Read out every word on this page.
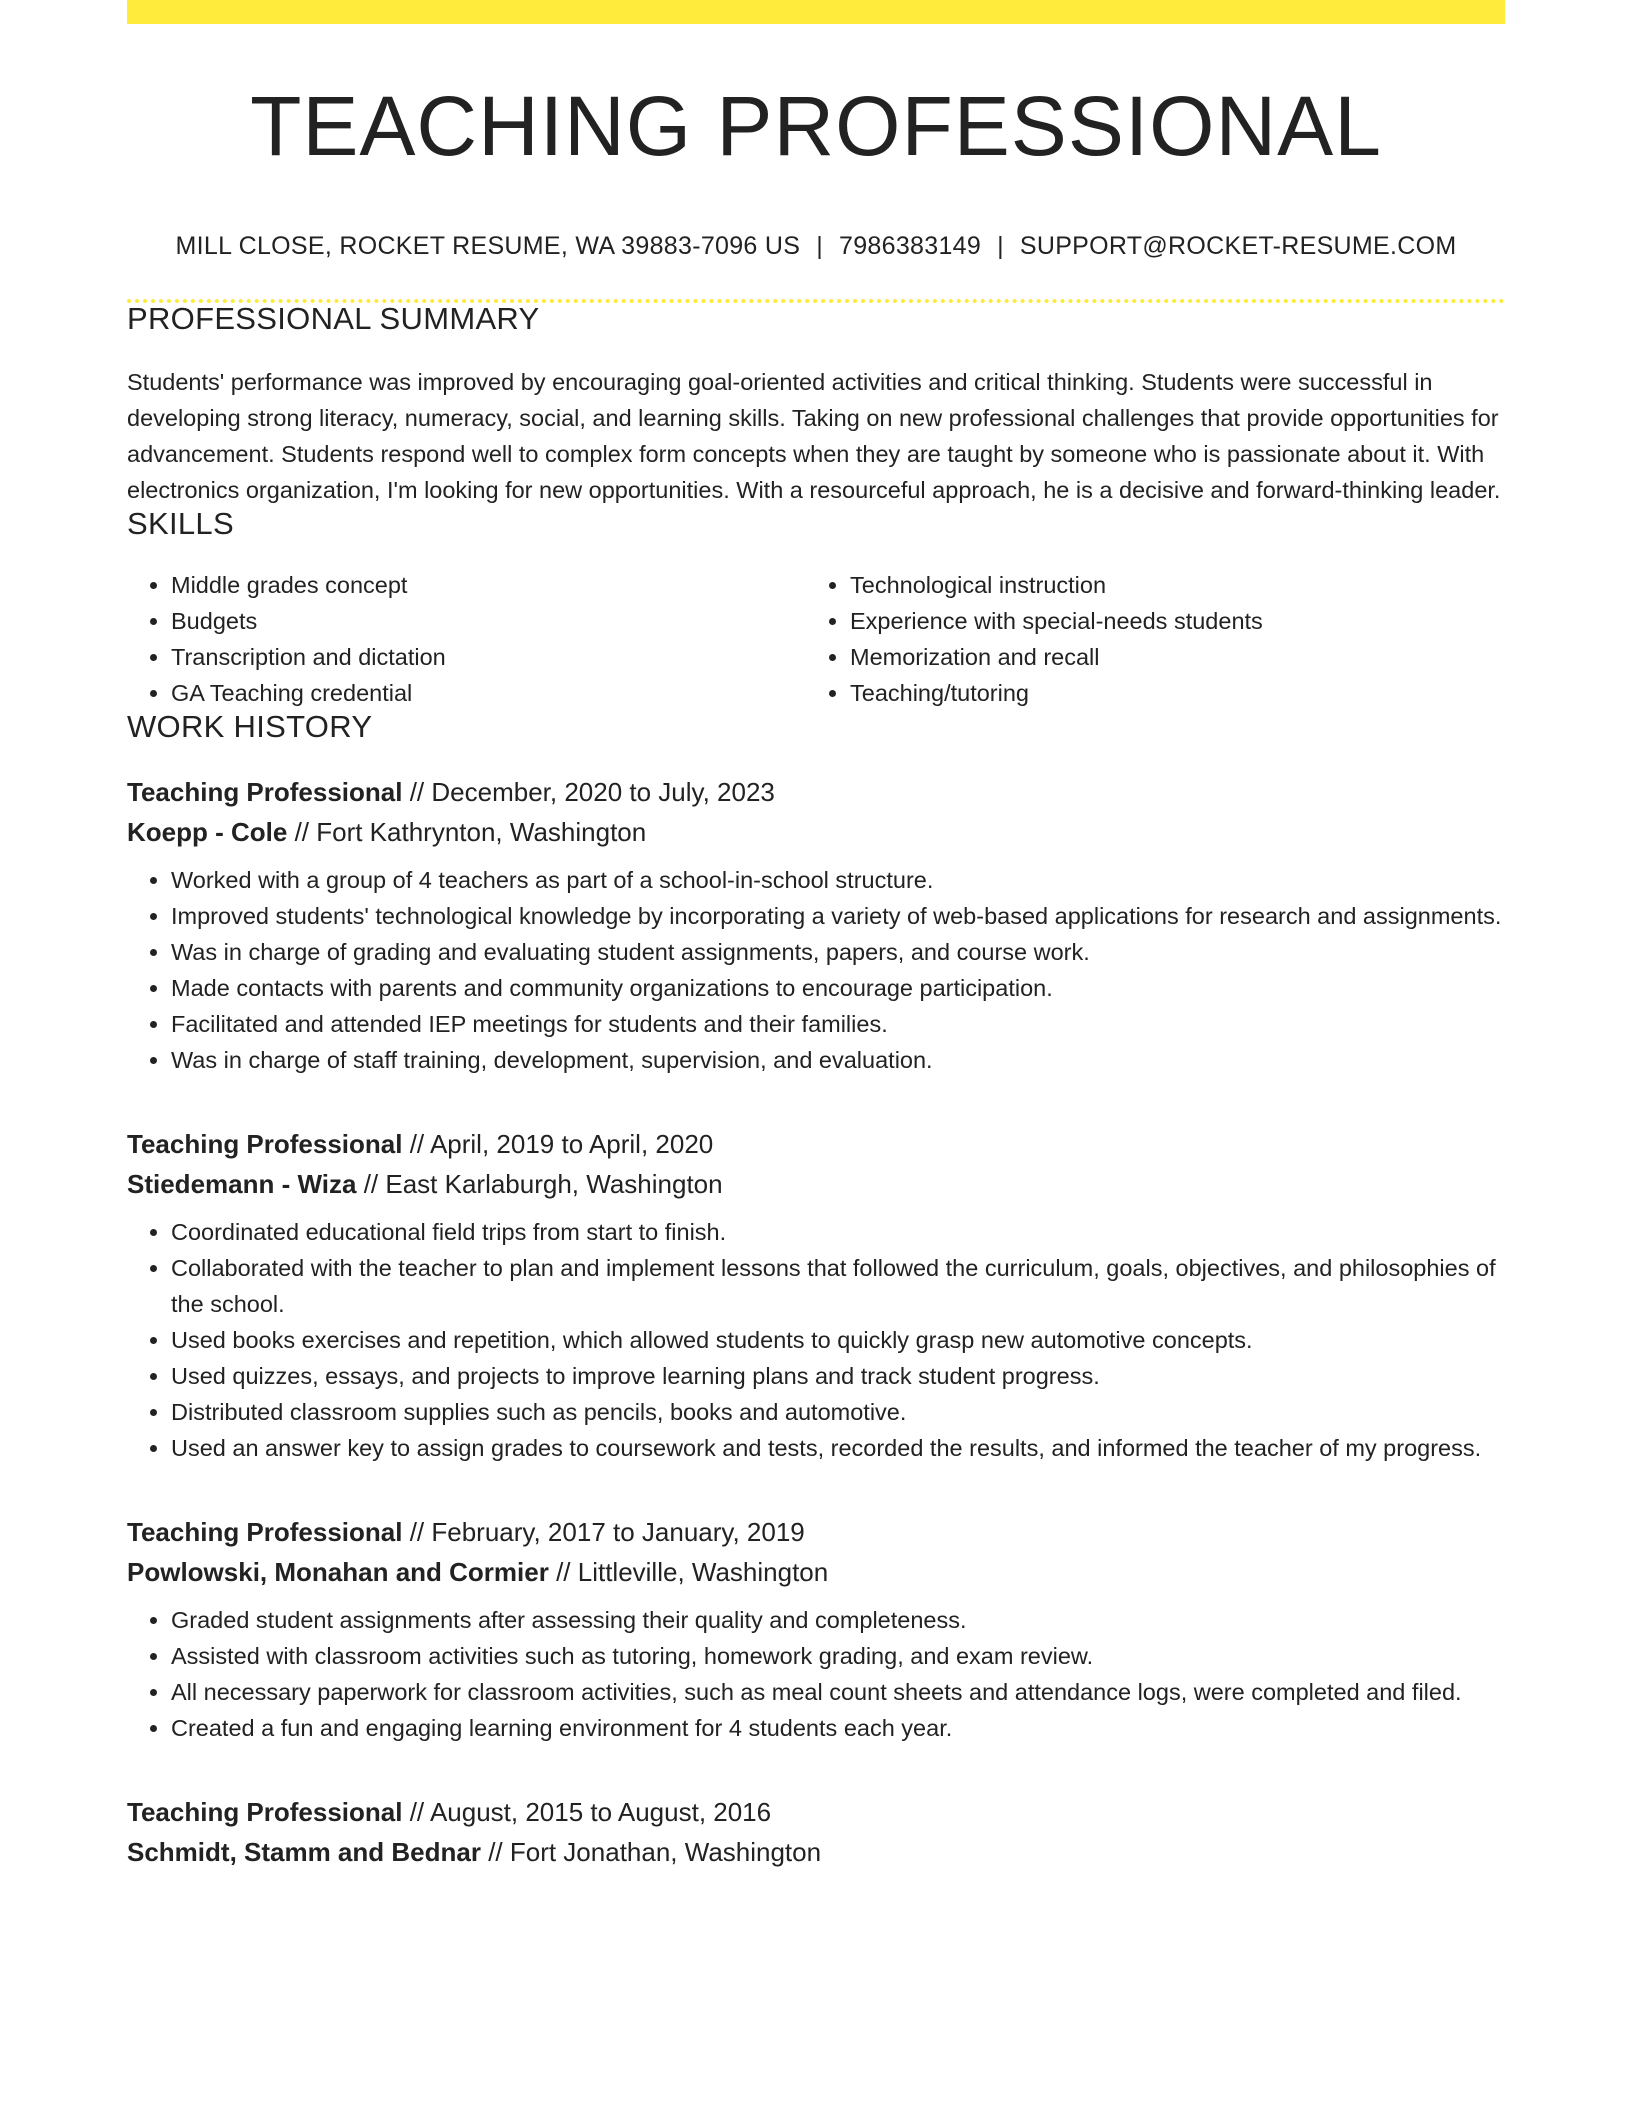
TEACHING PROFESSIONAL
MILL CLOSE, ROCKET RESUME, WA 39883-7096 US | 7986383149 | SUPPORT@ROCKET-RESUME.COM
PROFESSIONAL SUMMARY

Students' performance was improved by encouraging goal-oriented activities and critical thinking. Students were successful in developing strong literacy, numeracy, social, and learning skills. Taking on new professional challenges that provide opportunities for advancement. Students respond well to complex form concepts when they are taught by someone who is passionate about it. With electronics organization, I'm looking for new opportunities. With a resourceful approach, he is a decisive and forward-thinking leader.

SKILLS
• Middle grades concept
• Budgets
• Transcription and dictation
• GA Teaching credential
• Technological instruction
• Experience with special-needs students
• Memorization and recall
• Teaching/tutoring
WORK HISTORY
Teaching Professional // December, 2020 to July, 2023
Koepp - Cole // Fort Kathrynton, Washington
• Worked with a group of 4 teachers as part of a school-in-school structure.
• Improved students' technological knowledge by incorporating a variety of web-based applications for research and assignments.
• Was in charge of grading and evaluating student assignments, papers, and course work.
• Made contacts with parents and community organizations to encourage participation.
• Facilitated and attended IEP meetings for students and their families.
• Was in charge of staff training, development, supervision, and evaluation.
Teaching Professional // April, 2019 to April, 2020
Stiedemann - Wiza // East Karlaburgh, Washington
• Coordinated educational field trips from start to finish.
• Collaborated with the teacher to plan and implement lessons that followed the curriculum, goals, objectives, and philosophies of the school.
• Used books exercises and repetition, which allowed students to quickly grasp new automotive concepts.
• Used quizzes, essays, and projects to improve learning plans and track student progress.
• Distributed classroom supplies such as pencils, books and automotive.
• Used an answer key to assign grades to coursework and tests, recorded the results, and informed the teacher of my progress.
Teaching Professional // February, 2017 to January, 2019
Powlowski, Monahan and Cormier // Littleville, Washington
• Graded student assignments after assessing their quality and completeness.
• Assisted with classroom activities such as tutoring, homework grading, and exam review.
• All necessary paperwork for classroom activities, such as meal count sheets and attendance logs, were completed and filed.
• Created a fun and engaging learning environment for 4 students each year.
Teaching Professional // August, 2015 to August, 2016
Schmidt, Stamm and Bednar // Fort Jonathan, Washington
